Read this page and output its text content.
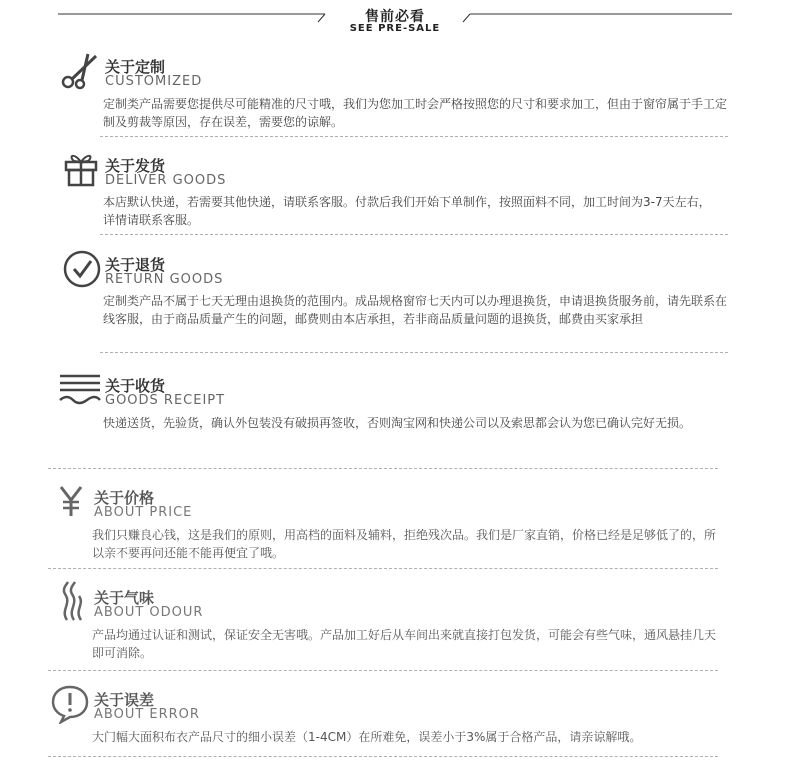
售前必看
SEE PRE-SALE
关于定制
CUSTOMIZED
定制类产品需要您提供尽可能精准的尺寸哦，我们为您加工时会严格按照您的尺寸和要求加工，但由于窗帘属于手工定制及剪裁等原因，存在误差，需要您的谅解。
关于发货
DELIVER GOODS
本店默认快递，若需要其他快递，请联系客服。付款后我们开始下单制作，按照面料不同，加工时间为3-7天左右，详情请联系客服。
关于退货
RETURN GOODS
定制类产品不属于七天无理由退换货的范围内。成品规格窗帘七天内可以办理退换货，申请退换货服务前，请先联系在线客服，由于商品质量产生的问题，邮费则由本店承担，若非商品质量问题的退换货，邮费由买家承担
关于收货
GOODS RECEIPT
快递送货，先验货，确认外包装没有破损再签收，否则淘宝网和快递公司以及索思都会认为您已确认完好无损。
关于价格
ABOUT PRICE
我们只赚良心钱，这是我们的原则，用高档的面料及辅料，拒绝残次品。我们是厂家直销，价格已经是足够低了的，所以亲不要再问还能不能再便宜了哦。
关于气味
ABOUT ODOUR
产品均通过认证和测试，保证安全无害哦。产品加工好后从车间出来就直接打包发货，可能会有些气味，通风悬挂几天即可消除。
关于误差
ABOUT ERROR
大门幅大面积布衣产品尺寸的细小误差（1-4CM）在所难免，误差小于3%属于合格产品，请亲谅解哦。
